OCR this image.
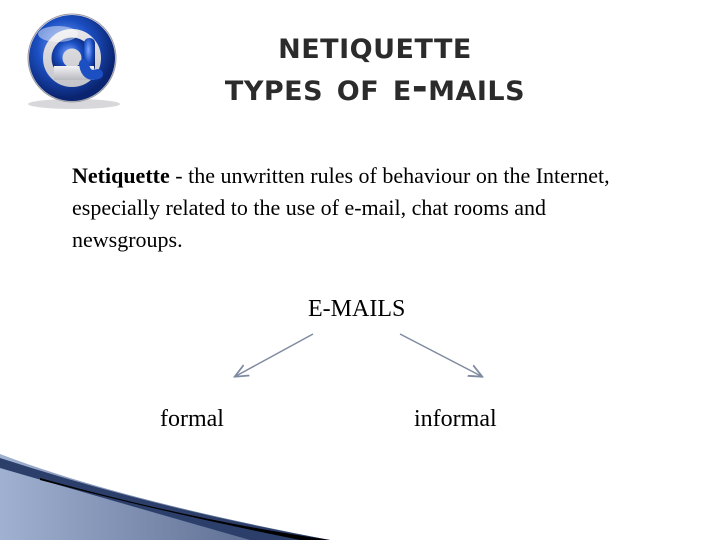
netiquette
types of e-mails
Netiquette - the unwritten rules of behaviour on the Internet, especially related to the use of e-mail, chat rooms and newsgroups.
E-MAILS
formal	informal
